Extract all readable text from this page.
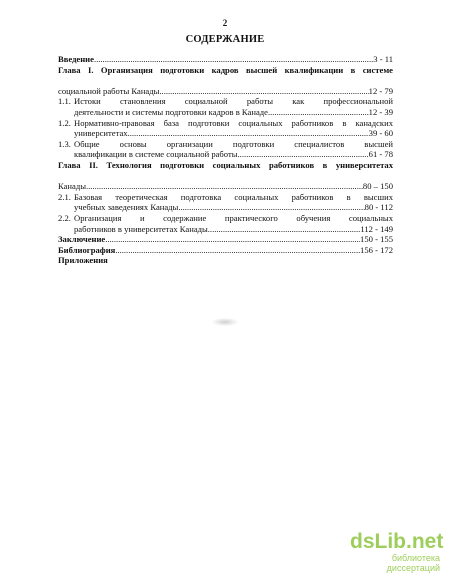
2
СОДЕРЖАНИЕ
Введение .....	3 - 11
Глава I. Организация подготовки кадров высшей квалификации в системе
социальной работы Канады .....	12 - 79
1.1. Истоки становления социальной работы как профессиональной
деятельности и системы подготовки кадров в Канаде .....	12 - 39
1.2. Нормативно-правовая база подготовки социальных работников в канадских
университетах .....	39 - 60
1.3. Общие основы организации подготовки специалистов высшей
квалификации в системе социальной работы .....	61 - 78
Глава II. Технология подготовки социальных работников в университетах
Канады .....	80 – 150
2.1. Базовая теоретическая подготовка социальных работников в высших
учебных заведениях Канады .....	80 - 112
2.2. Организация и содержание практического обучения социальных
работников в университетах Канады .....	112 - 149
Заключение .....	150 - 155
Библиография .....	156 - 172
Приложения
dsLib.net
библиотека диссертаций
